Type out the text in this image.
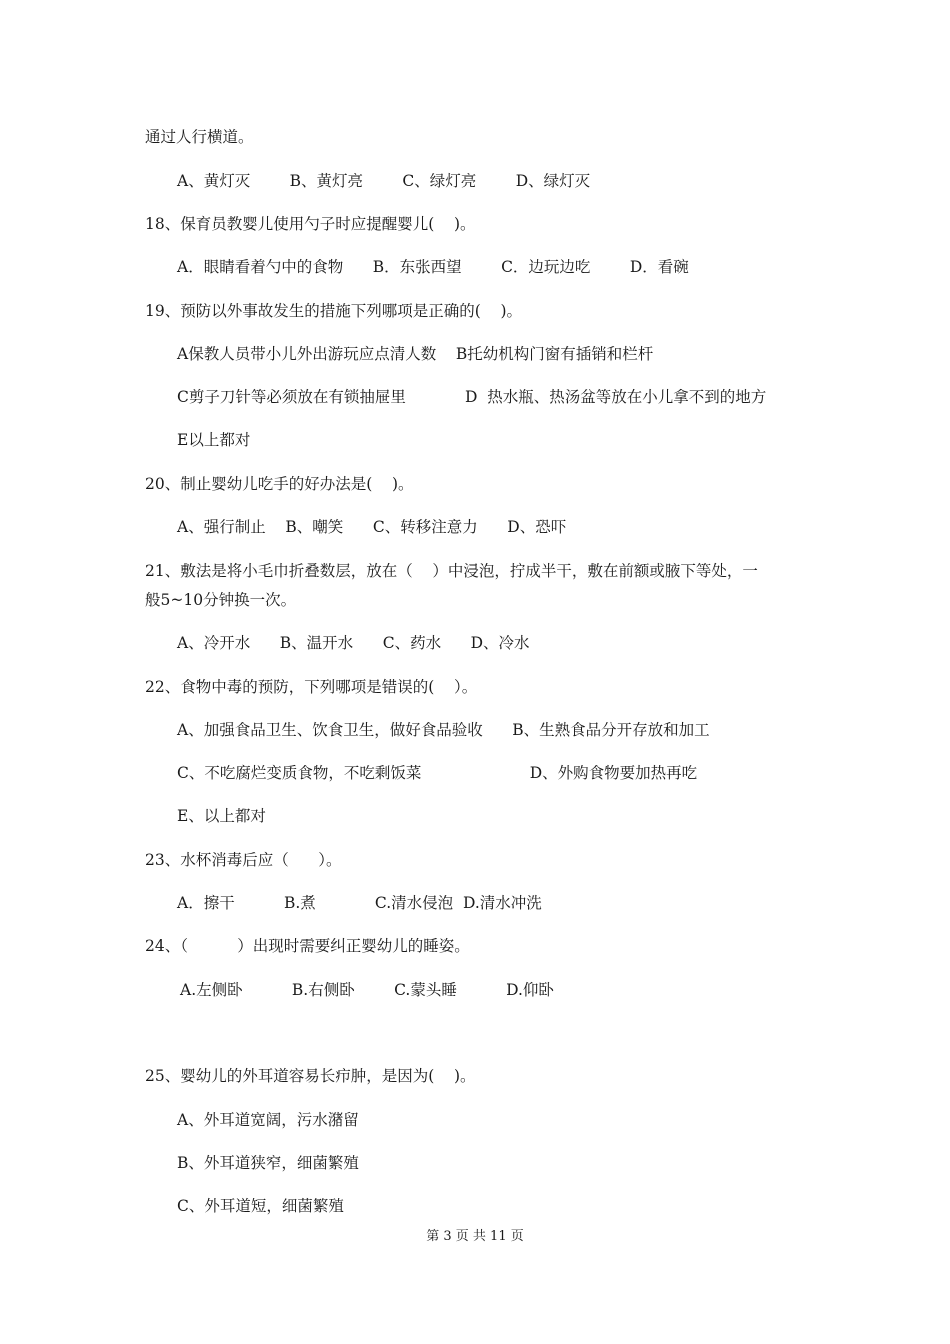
通过人行横道。
A、黄灯灭        B、黄灯亮        C、绿灯亮        D、绿灯灭
18、保育员教婴儿使用勺子时应提醒婴儿(    )。
A．眼睛看着勺中的食物      B．东张西望        C．边玩边吃        D．看碗
19、预防以外事故发生的措施下列哪项是正确的(    )。
A保教人员带小儿外出游玩应点清人数    B托幼机构门窗有插销和栏杆
C剪子刀针等必须放在有锁抽屉里            D  热水瓶、热汤盆等放在小儿拿不到的地方
E以上都对
20、制止婴幼儿吃手的好办法是(    )。
A、强行制止    B、嘲笑      C、转移注意力      D、恐吓
21、敷法是将小毛巾折叠数层，放在（    ）中浸泡，拧成半干，敷在前额或腋下等处，一
般5~10分钟换一次。
A、冷开水      B、温开水      C、药水      D、冷水
22、食物中毒的预防，下列哪项是错误的(    ）。
A、加强食品卫生、饮食卫生，做好食品验收      B、生熟食品分开存放和加工
C、不吃腐烂变质食物，不吃剩饭菜                      D、外购食物要加热再吃
E、以上都对
23、水杯消毒后应（      ）。
A．擦干          B.煮            C.清水侵泡  D.清水冲洗
24、（          ）出现时需要纠正婴幼儿的睡姿。
A.左侧卧          B.右侧卧        C.蒙头睡          D.仰卧
25、婴幼儿的外耳道容易长疖肿，是因为(    )。
A、外耳道宽阔，污水潴留
B、外耳道狭窄，细菌繁殖
C、外耳道短，细菌繁殖
第 3 页 共 11 页
